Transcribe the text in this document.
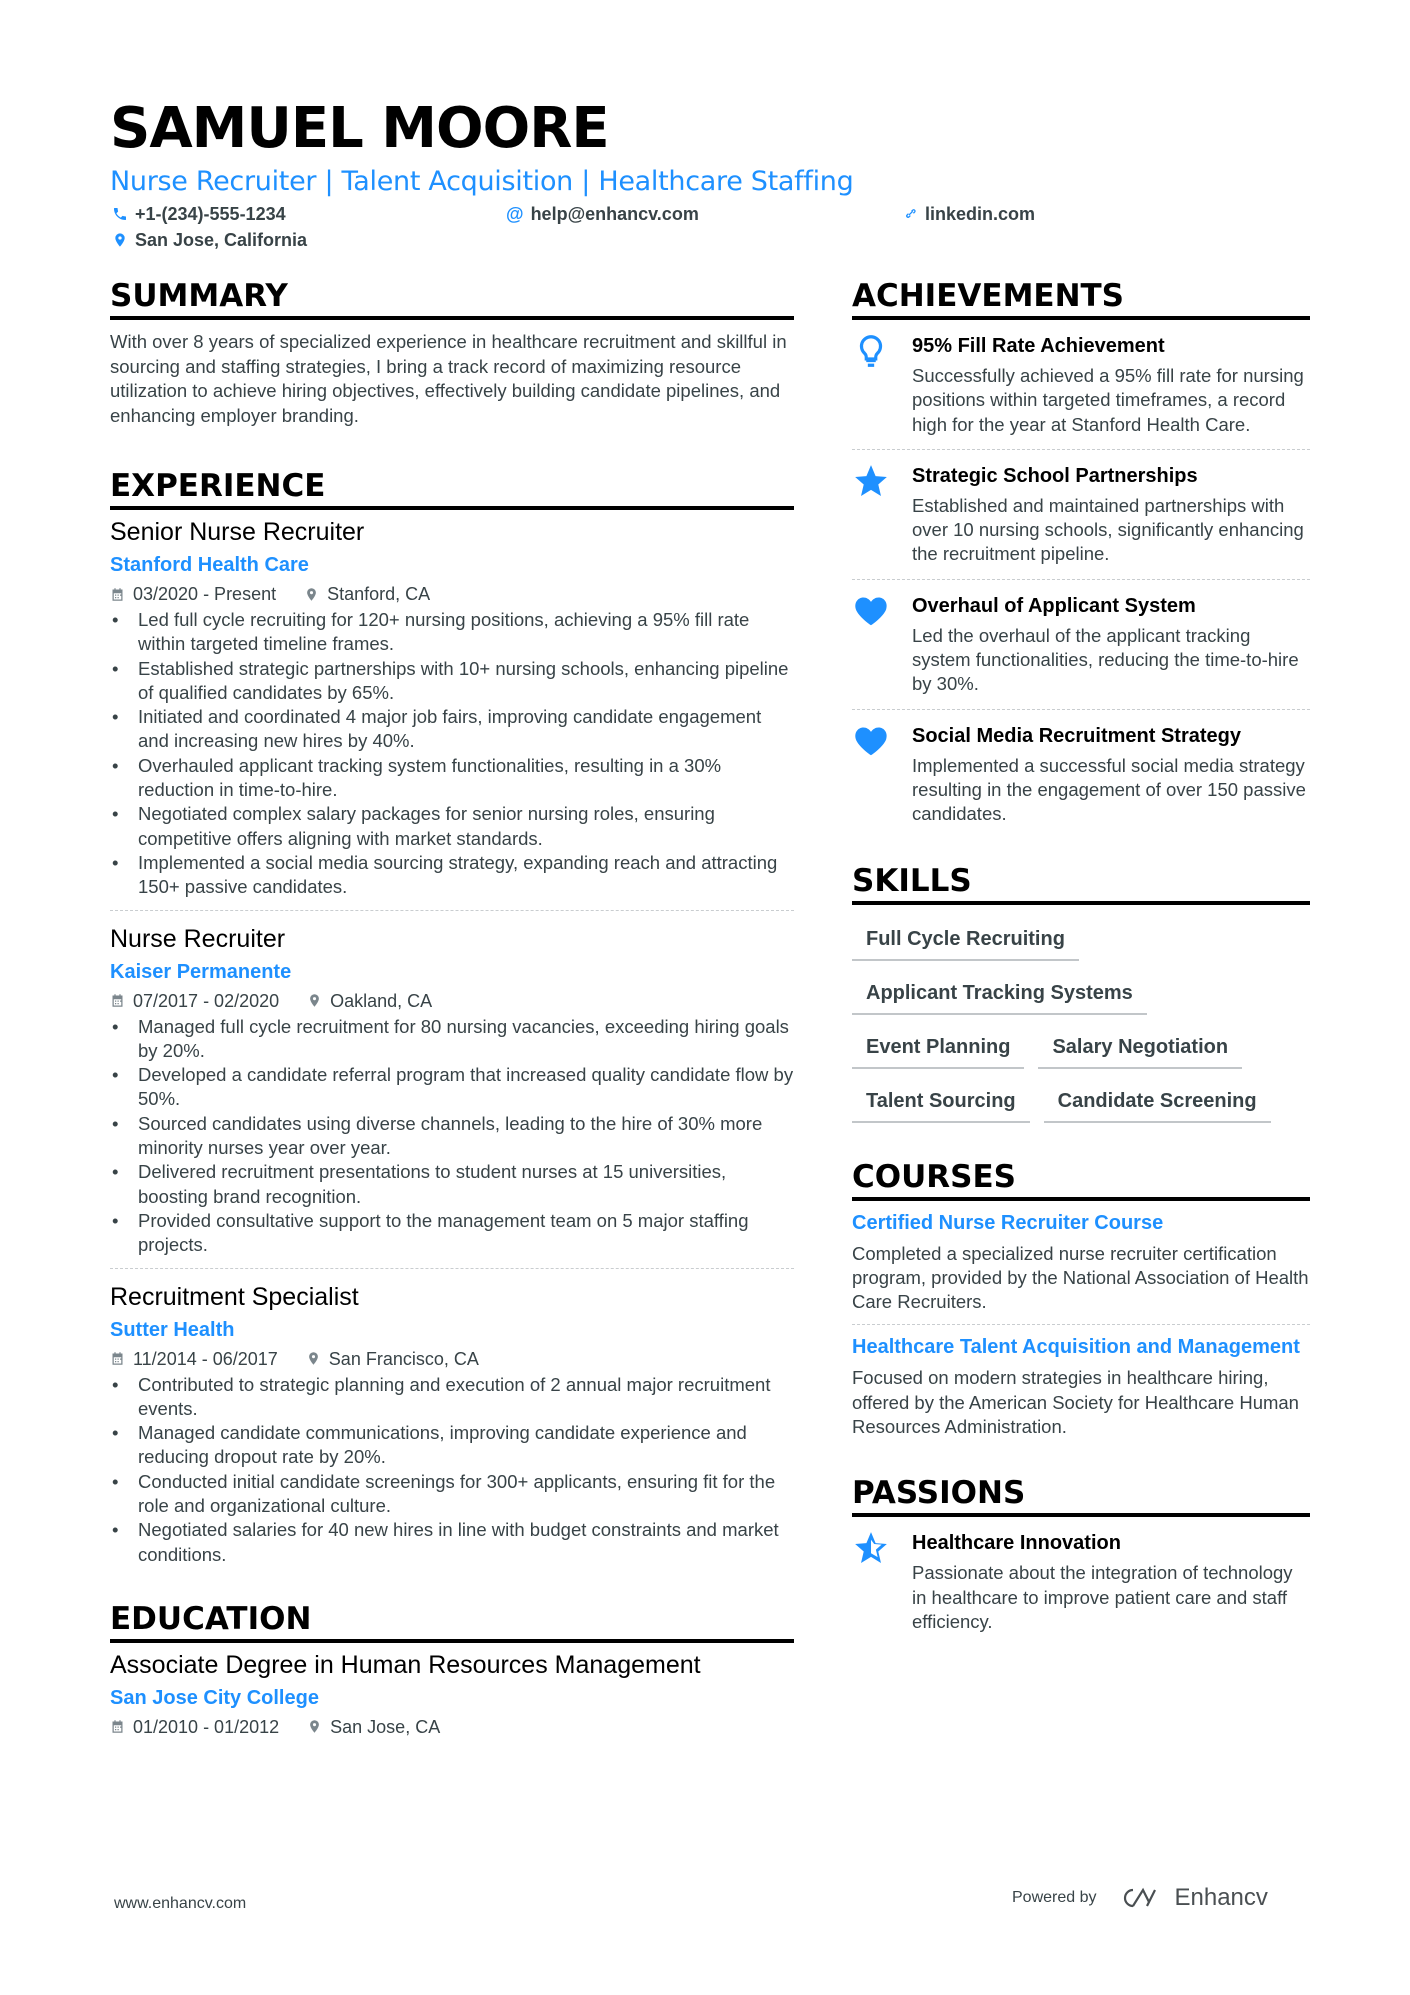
SAMUEL MOORE
Nurse Recruiter | Talent Acquisition | Healthcare Staffing
+1-(234)-555-1234	@ help@enhancv.com	linkedin.com
San Jose, California
SUMMARY
With over 8 years of specialized experience in healthcare recruitment and skillful in sourcing and staffing strategies, I bring a track record of maximizing resource utilization to achieve hiring objectives, effectively building candidate pipelines, and enhancing employer branding.
EXPERIENCE
Senior Nurse Recruiter
Stanford Health Care
03/2020 - Present	Stanford, CA
• Led full cycle recruiting for 120+ nursing positions, achieving a 95% fill rate within targeted timeline frames.
• Established strategic partnerships with 10+ nursing schools, enhancing pipeline of qualified candidates by 65%.
• Initiated and coordinated 4 major job fairs, improving candidate engagement and increasing new hires by 40%.
• Overhauled applicant tracking system functionalities, resulting in a 30% reduction in time-to-hire.
• Negotiated complex salary packages for senior nursing roles, ensuring competitive offers aligning with market standards.
• Implemented a social media sourcing strategy, expanding reach and attracting 150+ passive candidates.
Nurse Recruiter
Kaiser Permanente
07/2017 - 02/2020	Oakland, CA
• Managed full cycle recruitment for 80 nursing vacancies, exceeding hiring goals by 20%.
• Developed a candidate referral program that increased quality candidate flow by 50%.
• Sourced candidates using diverse channels, leading to the hire of 30% more minority nurses year over year.
• Delivered recruitment presentations to student nurses at 15 universities, boosting brand recognition.
• Provided consultative support to the management team on 5 major staffing projects.
Recruitment Specialist
Sutter Health
11/2014 - 06/2017	San Francisco, CA
• Contributed to strategic planning and execution of 2 annual major recruitment events.
• Managed candidate communications, improving candidate experience and reducing dropout rate by 20%.
• Conducted initial candidate screenings for 300+ applicants, ensuring fit for the role and organizational culture.
• Negotiated salaries for 40 new hires in line with budget constraints and market conditions.
EDUCATION
Associate Degree in Human Resources Management
San Jose City College
01/2010 - 01/2012	San Jose, CA
ACHIEVEMENTS
95% Fill Rate Achievement
Successfully achieved a 95% fill rate for nursing positions within targeted timeframes, a record high for the year at Stanford Health Care.
Strategic School Partnerships
Established and maintained partnerships with over 10 nursing schools, significantly enhancing the recruitment pipeline.
Overhaul of Applicant System
Led the overhaul of the applicant tracking system functionalities, reducing the time-to-hire by 30%.
Social Media Recruitment Strategy
Implemented a successful social media strategy resulting in the engagement of over 150 passive candidates.
SKILLS
Full Cycle Recruiting
Applicant Tracking Systems
Event Planning	Salary Negotiation
Talent Sourcing	Candidate Screening
COURSES
Certified Nurse Recruiter Course
Completed a specialized nurse recruiter certification program, provided by the National Association of Health Care Recruiters.
Healthcare Talent Acquisition and Management
Focused on modern strategies in healthcare hiring, offered by the American Society for Healthcare Human Resources Administration.
PASSIONS
Healthcare Innovation
Passionate about the integration of technology in healthcare to improve patient care and staff efficiency.
www.enhancv.com	Powered by	Enhancv
